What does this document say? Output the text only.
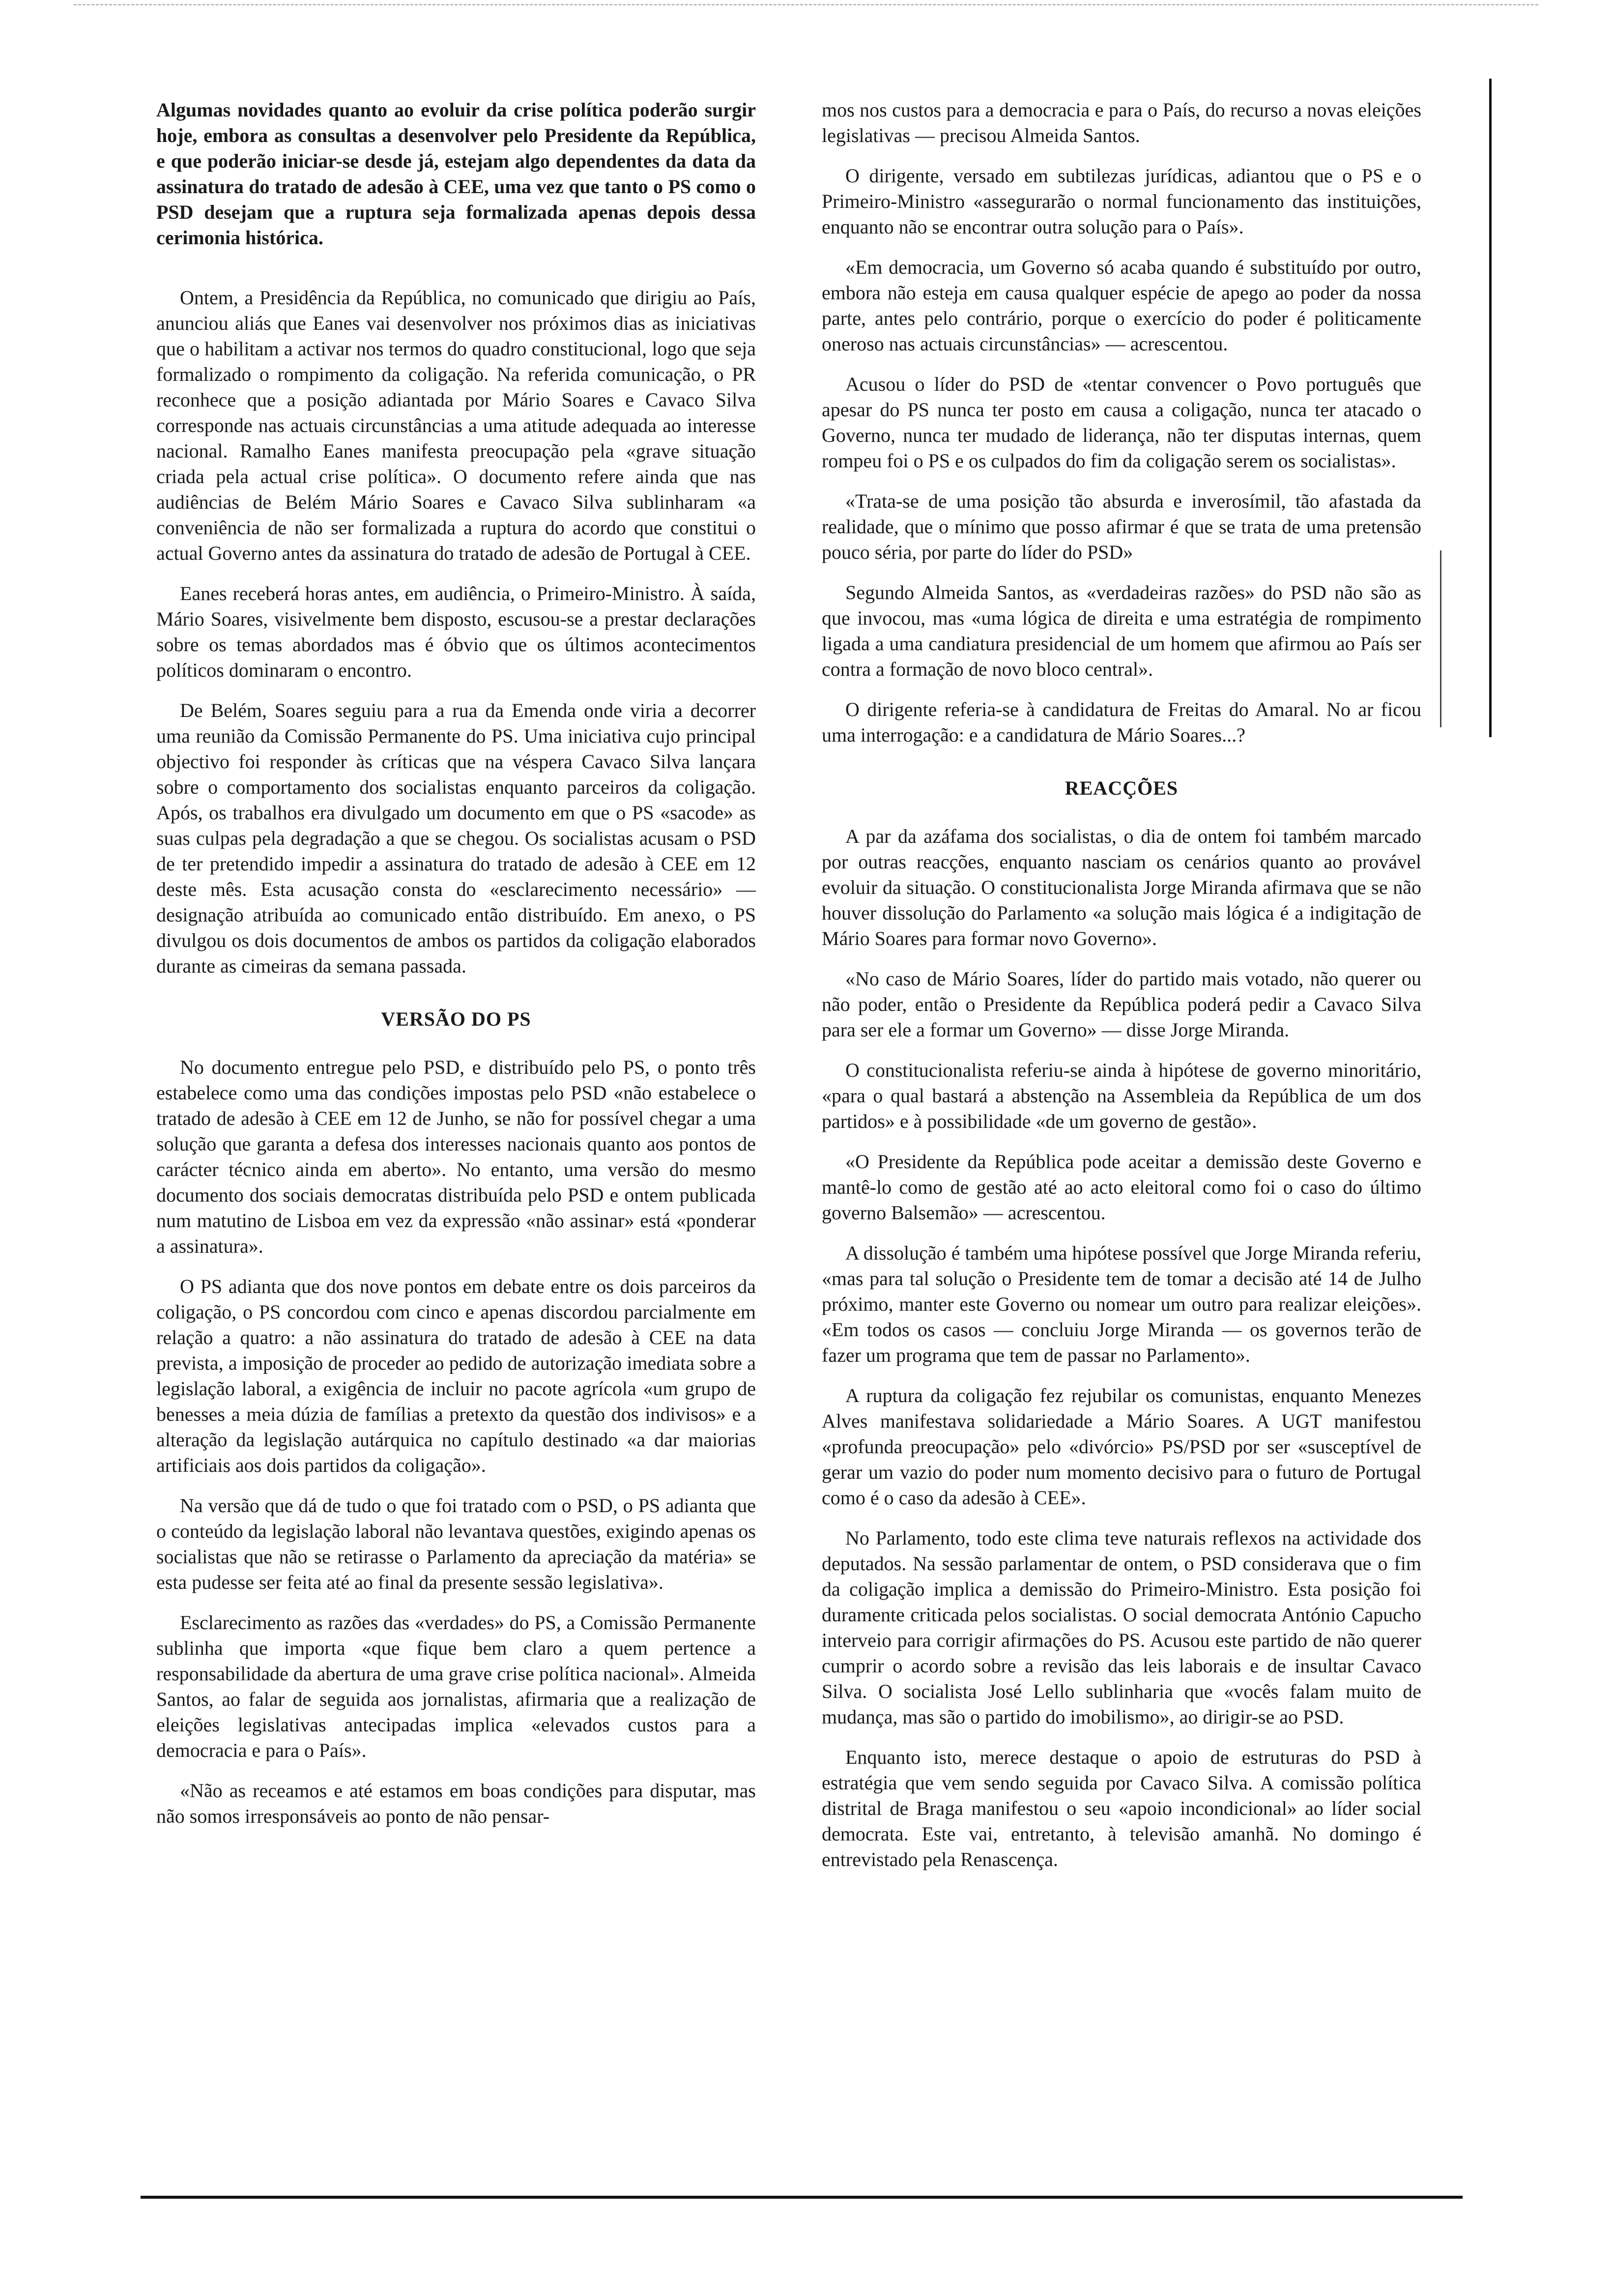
Algumas novidades quanto ao evoluir da crise política poderão surgir hoje, embora as consultas a desenvolver pelo Presidente da República, e que poderão iniciar-se desde já, estejam algo dependentes da data da assinatura do tratado de adesão à CEE, uma vez que tanto o PS como o PSD desejam que a ruptura seja formalizada apenas depois dessa cerimonia histórica.

Ontem, a Presidência da República, no comunicado que dirigiu ao País, anunciou aliás que Eanes vai desenvolver nos próximos dias as iniciativas que o habilitam a activar nos termos do quadro constitucional, logo que seja formalizado o rompimento da coligação. Na referida comunicação, o PR reconhece que a posição adiantada por Mário Soares e Cavaco Silva corresponde nas actuais circunstâncias a uma atitude adequada ao interesse nacional. Ramalho Eanes manifesta preocupação pela «grave situação criada pela actual crise política». O documento refere ainda que nas audiências de Belém Mário Soares e Cavaco Silva sublinharam «a conveniência de não ser formalizada a ruptura do acordo que constitui o actual Governo antes da assinatura do tratado de adesão de Portugal à CEE.

Eanes receberá horas antes, em audiência, o Primeiro-Ministro. À saída, Mário Soares, visivelmente bem disposto, escusou-se a prestar declarações sobre os temas abordados mas é óbvio que os últimos acontecimentos políticos dominaram o encontro.

De Belém, Soares seguiu para a rua da Emenda onde viria a decorrer uma reunião da Comissão Permanente do PS. Uma iniciativa cujo principal objectivo foi responder às críticas que na véspera Cavaco Silva lançara sobre o comportamento dos socialistas enquanto parceiros da coligação. Após, os trabalhos era divulgado um documento em que o PS «sacode» as suas culpas pela degradação a que se chegou. Os socialistas acusam o PSD de ter pretendido impedir a assinatura do tratado de adesão à CEE em 12 deste mês. Esta acusação consta do «esclarecimento necessário» — designação atribuída ao comunicado então distribuído. Em anexo, o PS divulgou os dois documentos de ambos os partidos da coligação elaborados durante as cimeiras da semana passada.

VERSÃO DO PS

No documento entregue pelo PSD, e distribuído pelo PS, o ponto três estabelece como uma das condições impostas pelo PSD «não estabelece o tratado de adesão à CEE em 12 de Junho, se não for possível chegar a uma solução que garanta a defesa dos interesses nacionais quanto aos pontos de carácter técnico ainda em aberto». No entanto, uma versão do mesmo documento dos sociais democratas distribuída pelo PSD e ontem publicada num matutino de Lisboa em vez da expressão «não assinar» está «ponderar a assinatura».

O PS adianta que dos nove pontos em debate entre os dois parceiros da coligação, o PS concordou com cinco e apenas discordou parcialmente em relação a quatro: a não assinatura do tratado de adesão à CEE na data prevista, a imposição de proceder ao pedido de autorização imediata sobre a legislação laboral, a exigência de incluir no pacote agrícola «um grupo de benesses a meia dúzia de famílias a pretexto da questão dos indivisos» e a alteração da legislação autárquica no capítulo destinado «a dar maiorias artificiais aos dois partidos da coligação».

Na versão que dá de tudo o que foi tratado com o PSD, o PS adianta que o conteúdo da legislação laboral não levantava questões, exigindo apenas os socialistas que não se retirasse o Parlamento da apreciação da matéria» se esta pudesse ser feita até ao final da presente sessão legislativa».

Esclarecimento as razões das «verdades» do PS, a Comissão Permanente sublinha que importa «que fique bem claro a quem pertence a responsabilidade da abertura de uma grave crise política nacional». Almeida Santos, ao falar de seguida aos jornalistas, afirmaria que a realização de eleições legislativas antecipadas implica «elevados custos para a democracia e para o País».

«Não as receamos e até estamos em boas condições para disputar, mas não somos irresponsáveis ao ponto de não pensar-

mos nos custos para a democracia e para o País, do recurso a novas eleições legislativas — precisou Almeida Santos.

O dirigente, versado em subtilezas jurídicas, adiantou que o PS e o Primeiro-Ministro «assegurarão o normal funcionamento das instituições, enquanto não se encontrar outra solução para o País».

«Em democracia, um Governo só acaba quando é substituído por outro, embora não esteja em causa qualquer espécie de apego ao poder da nossa parte, antes pelo contrário, porque o exercício do poder é politicamente oneroso nas actuais circunstâncias» — acrescentou.

Acusou o líder do PSD de «tentar convencer o Povo português que apesar do PS nunca ter posto em causa a coligação, nunca ter atacado o Governo, nunca ter mudado de liderança, não ter disputas internas, quem rompeu foi o PS e os culpados do fim da coligação serem os socialistas».

«Trata-se de uma posição tão absurda e inverosímil, tão afastada da realidade, que o mínimo que posso afirmar é que se trata de uma pretensão pouco séria, por parte do líder do PSD»

Segundo Almeida Santos, as «verdadeiras razões» do PSD não são as que invocou, mas «uma lógica de direita e uma estratégia de rompimento ligada a uma candiatura presidencial de um homem que afirmou ao País ser contra a formação de novo bloco central».

O dirigente referia-se à candidatura de Freitas do Amaral. No ar ficou uma interrogação: e a candidatura de Mário Soares...?

REACÇÕES

A par da azáfama dos socialistas, o dia de ontem foi também marcado por outras reacções, enquanto nasciam os cenários quanto ao provável evoluir da situação. O constitucionalista Jorge Miranda afirmava que se não houver dissolução do Parlamento «a solução mais lógica é a indigitação de Mário Soares para formar novo Governo».

«No caso de Mário Soares, líder do partido mais votado, não querer ou não poder, então o Presidente da República poderá pedir a Cavaco Silva para ser ele a formar um Governo» — disse Jorge Miranda.

O constitucionalista referiu-se ainda à hipótese de governo minoritário, «para o qual bastará a abstenção na Assembleia da República de um dos partidos» e à possibilidade «de um governo de gestão».

«O Presidente da República pode aceitar a demissão deste Governo e mantê-lo como de gestão até ao acto eleitoral como foi o caso do último governo Balsemão» — acrescentou.

A dissolução é também uma hipótese possível que Jorge Miranda referiu, «mas para tal solução o Presidente tem de tomar a decisão até 14 de Julho próximo, manter este Governo ou nomear um outro para realizar eleições». «Em todos os casos — concluiu Jorge Miranda — os governos terão de fazer um programa que tem de passar no Parlamento».

A ruptura da coligação fez rejubilar os comunistas, enquanto Menezes Alves manifestava solidariedade a Mário Soares. A UGT manifestou «profunda preocupação» pelo «divórcio» PS/PSD por ser «susceptível de gerar um vazio do poder num momento decisivo para o futuro de Portugal como é o caso da adesão à CEE».

No Parlamento, todo este clima teve naturais reflexos na actividade dos deputados. Na sessão parlamentar de ontem, o PSD considerava que o fim da coligação implica a demissão do Primeiro-Ministro. Esta posição foi duramente criticada pelos socialistas. O social democrata António Capucho interveio para corrigir afirmações do PS. Acusou este partido de não querer cumprir o acordo sobre a revisão das leis laborais e de insultar Cavaco Silva. O socialista José Lello sublinharia que «vocês falam muito de mudança, mas são o partido do imobilismo», ao dirigir-se ao PSD.

Enquanto isto, merece destaque o apoio de estruturas do PSD à estratégia que vem sendo seguida por Cavaco Silva. A comissão política distrital de Braga manifestou o seu «apoio incondicional» ao líder social democrata. Este vai, entretanto, à televisão amanhã. No domingo é entrevistado pela Renascença.
